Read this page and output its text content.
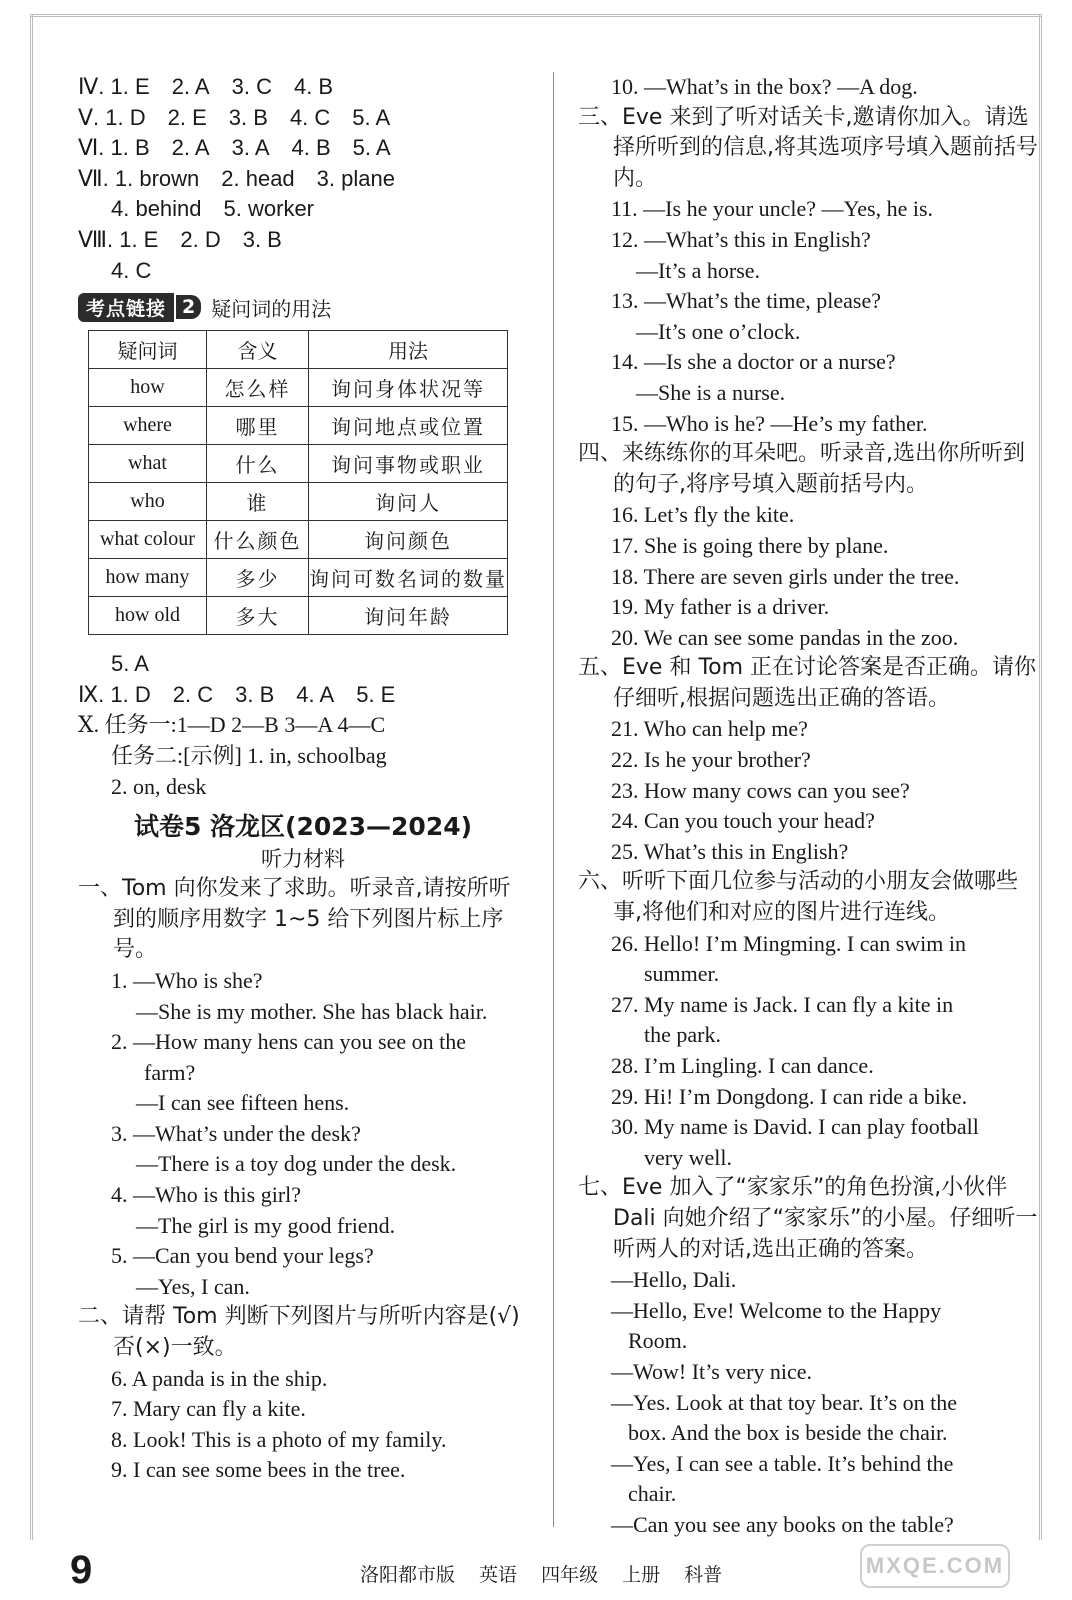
Ⅳ. 1. E 2. A 3. C 4. B
Ⅴ. 1. D 2. E 3. B 4. C 5. A
Ⅵ. 1. B 2. A 3. A 4. B 5. A
Ⅶ. 1. brown 2. head 3. plane
4. behind 5. worker
Ⅷ. 1. E 2. D 3. B
4. C
考点链接 2 疑问词的用法
疑问词	含义	用法
how	怎么样	询问身体状况等
where	哪里	询问地点或位置
what	什么	询问事物或职业
who	谁	询问人
what colour	什么颜色	询问颜色
how many	多少	询问可数名词的数量
how old	多大	询问年龄
5. A
Ⅸ. 1. D 2. C 3. B 4. A 5. E
Ⅹ. 任务一:1—D 2—B 3—A 4—C
任务二:[示例] 1. in, schoolbag
2. on, desk
试卷5 洛龙区(2023—2024)
听力材料
一、Tom 向你发来了求助。听录音,请按所听到的顺序用数字 1~5 给下列图片标上序号。
1. —Who is she?
—She is my mother. She has black hair.
2. —How many hens can you see on the
farm?
—I can see fifteen hens.
3. —What’s under the desk?
—There is a toy dog under the desk.
4. —Who is this girl?
—The girl is my good friend.
5. —Can you bend your legs?
—Yes, I can.
二、请帮 Tom 判断下列图片与所听内容是(√)否(×)一致。
6. A panda is in the ship.
7. Mary can fly a kite.
8. Look! This is a photo of my family.
9. I can see some bees in the tree.
10. —What’s in the box? —A dog.
三、Eve 来到了听对话关卡,邀请你加入。请选择所听到的信息,将其选项序号填入题前括号内。
11. —Is he your uncle? —Yes, he is.
12. —What’s this in English?
—It’s a horse.
13. —What’s the time, please?
—It’s one o’clock.
14. —Is she a doctor or a nurse?
—She is a nurse.
15. —Who is he? —He’s my father.
四、来练练你的耳朵吧。听录音,选出你所听到的句子,将序号填入题前括号内。
16. Let’s fly the kite.
17. She is going there by plane.
18. There are seven girls under the tree.
19. My father is a driver.
20. We can see some pandas in the zoo.
五、Eve 和 Tom 正在讨论答案是否正确。请你仔细听,根据问题选出正确的答语。
21. Who can help me?
22. Is he your brother?
23. How many cows can you see?
24. Can you touch your head?
25. What’s this in English?
六、听听下面几位参与活动的小朋友会做哪些事,将他们和对应的图片进行连线。
26. Hello! I’m Mingming. I can swim in
summer.
27. My name is Jack. I can fly a kite in
the park.
28. I’m Lingling. I can dance.
29. Hi! I’m Dongdong. I can ride a bike.
30. My name is David. I can play football
very well.
七、Eve 加入了“家家乐”的角色扮演,小伙伴 Dali 向她介绍了“家家乐”的小屋。仔细听一听两人的对话,选出正确的答案。
—Hello, Dali.
—Hello, Eve! Welcome to the Happy
Room.
—Wow! It’s very nice.
—Yes. Look at that toy bear. It’s on the
box. And the box is beside the chair.
—Yes, I can see a table. It’s behind the
chair.
—Can you see any books on the table?
9	洛阳都市版 英语 四年级 上册 科普	MXQE.COM
